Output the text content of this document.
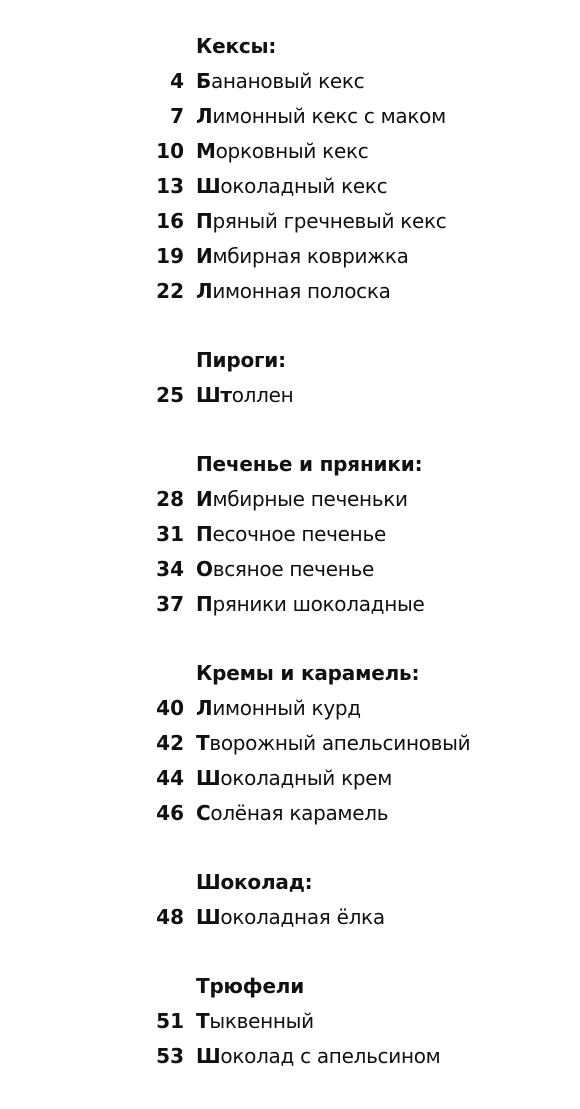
Кексы:
4 Банановый кекс
7 Лимонный кекс с маком
10 Морковный кекс
13 Шоколадный кекс
16 Пряный гречневый кекс
19 Имбирная коврижка
22 Лимонная полоска
Пироги:
25 Штоллен
Печенье и пряники:
28 Имбирные печеньки
31 Песочное печенье
34 Овсяное печенье
37 Пряники шоколадные
Кремы и карамель:
40 Лимонный курд
42 Творожный апельсиновый
44 Шоколадный крем
46 Солёная карамель
Шоколад:
48 Шоколадная ёлка
Трюфели
51 Тыквенный
53 Шоколад с апельсином
